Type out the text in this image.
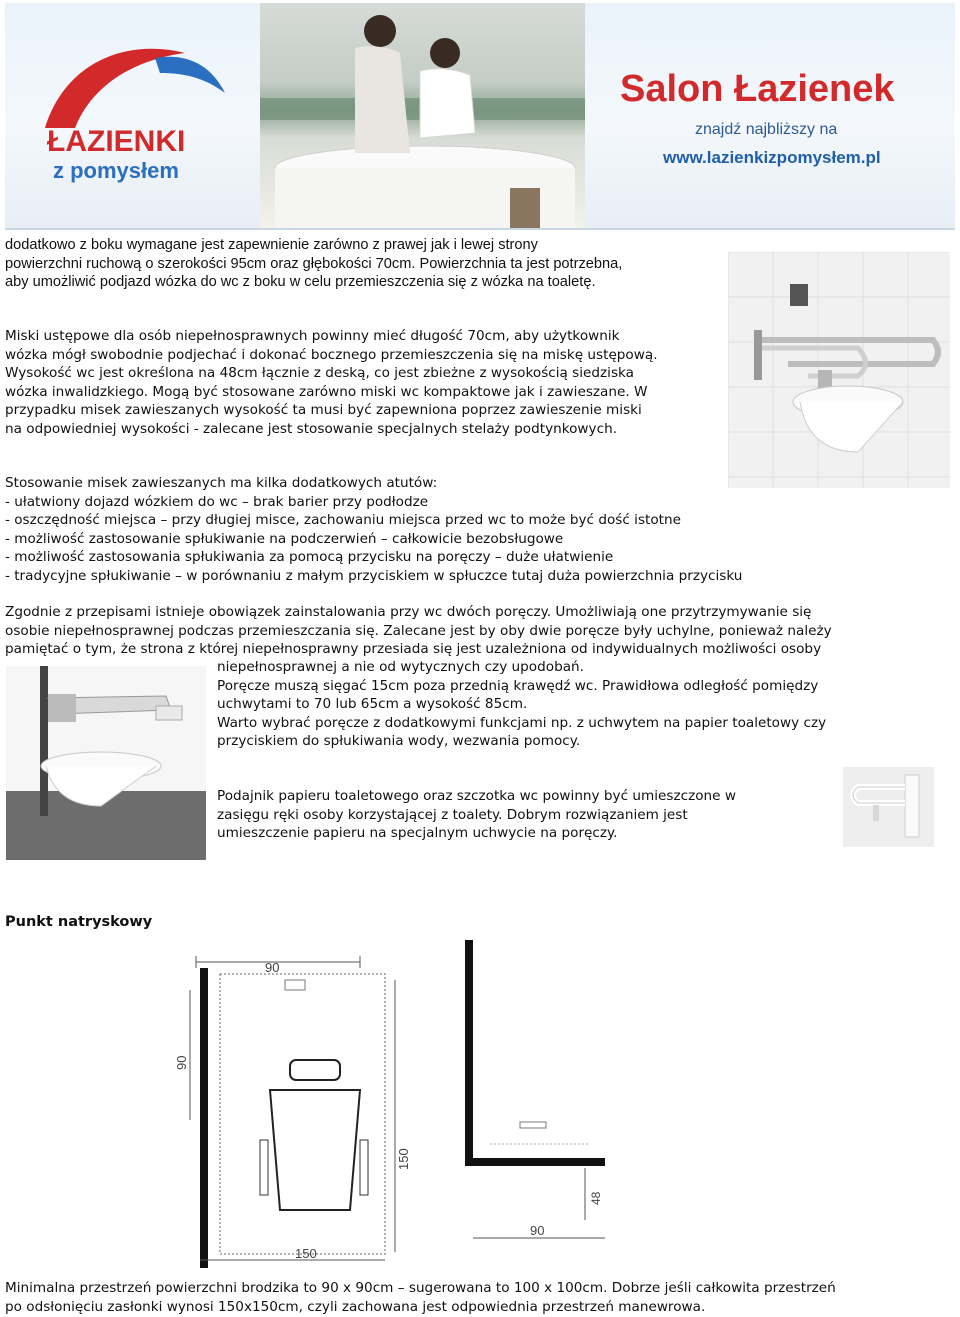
ŁAZIENKI
z pomysłem
Salon Łazienek
znajdź najbliższy na
www.lazienkizpomysłem.pl
dodatkowo z boku wymagane jest zapewnienie zarówno z prawej jak i lewej strony
powierzchni ruchową o szerokości 95cm oraz głębokości 70cm. Powierzchnia ta jest potrzebna,
aby umożliwić podjazd wózka do wc z boku w celu przemieszczenia się z wózka na toaletę.
Miski ustępowe dla osób niepełnosprawnych powinny mieć długość 70cm, aby użytkownik
wózka mógł swobodnie podjechać i dokonać bocznego przemieszczenia się na miskę ustępową.
Wysokość wc jest określona na 48cm łącznie z deską, co jest zbieżne z wysokością siedziska
wózka inwalidzkiego. Mogą być stosowane zarówno miski wc kompaktowe jak i zawieszane. W
przypadku misek zawieszanych wysokość ta musi być zapewniona poprzez zawieszenie miski
na odpowiedniej wysokości - zalecane jest stosowanie specjalnych stelaży podtynkowych.
Stosowanie misek zawieszanych ma kilka dodatkowych atutów:
- ułatwiony dojazd wózkiem do wc – brak barier przy podłodze
- oszczędność miejsca – przy długiej misce, zachowaniu miejsca przed wc to może być dość istotne
- możliwość zastosowanie spłukiwanie na podczerwień – całkowicie bezobsługowe
- możliwość zastosowania spłukiwania za pomocą przycisku na poręczy – duże ułatwienie
- tradycyjne spłukiwanie – w porównaniu z małym przyciskiem w spłuczce tutaj duża powierzchnia przycisku
Zgodnie z przepisami istnieje obowiązek zainstalowania przy wc dwóch poręczy. Umożliwiają one przytrzymywanie się
osobie niepełnosprawnej podczas przemieszczania się. Zalecane jest by oby dwie poręcze były uchylne, ponieważ należy
pamiętać o tym, że strona z której niepełnosprawny przesiada się jest uzależniona od indywidualnych możliwości osoby
niepełnosprawnej a nie od wytycznych czy upodobań.
Poręcze muszą sięgać 15cm poza przednią krawędź wc. Prawidłowa odległość pomiędzy
uchwytami to 70 lub 65cm a wysokość 85cm.
Warto wybrać poręcze z dodatkowymi funkcjami np. z uchwytem na papier toaletowy czy
przyciskiem do spłukiwania wody, wezwania pomocy.
Podajnik papieru toaletowego oraz szczotka wc powinny być umieszczone w
zasięgu ręki osoby korzystającej z toalety. Dobrym rozwiązaniem jest
umieszczenie papieru na specjalnym uchwycie na poręczy.
Punkt natryskowy
90
90
150
150
90
48
Minimalna przestrzeń powierzchni brodzika to 90 x 90cm – sugerowana to 100 x 100cm. Dobrze jeśli całkowita przestrzeń
po odsłonięciu zasłonki wynosi 150x150cm, czyli zachowana jest odpowiednia przestrzeń manewrowa.
